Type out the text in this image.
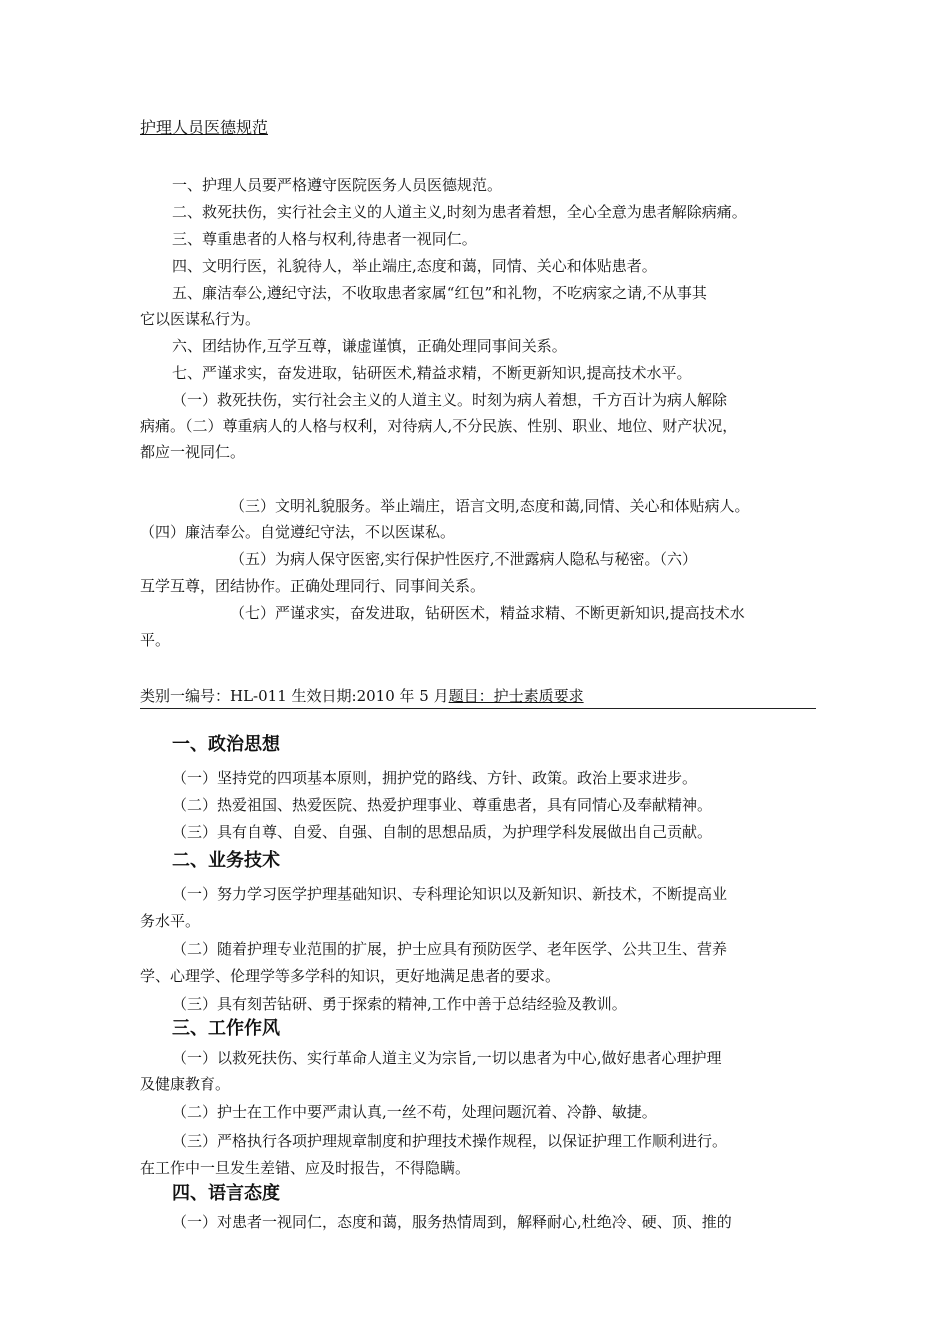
护理人员医德规范
一、护理人员要严格遵守医院医务人员医德规范。
二、救死扶伤，实行社会主义的人道主义,时刻为患者着想，全心全意为患者解除病痛。
三、尊重患者的人格与权利,待患者一视同仁。
四、文明行医，礼貌待人，举止端庄,态度和蔼，同情、关心和体贴患者。
五、廉洁奉公,遵纪守法，不收取患者家属“红包”和礼物，不吃病家之请,不从事其
它以医谋私行为。
六、团结协作,互学互尊，谦虚谨慎，正确处理同事间关系。
七、严谨求实，奋发进取，钻研医术,精益求精，不断更新知识,提高技术水平。
（一）救死扶伤，实行社会主义的人道主义。时刻为病人着想，千方百计为病人解除
病痛。（二）尊重病人的人格与权利，对待病人,不分民族、性别、职业、地位、财产状况，
都应一视同仁。
（三）文明礼貌服务。举止端庄，语言文明,态度和蔼,同情、关心和体贴病人。
（四）廉洁奉公。自觉遵纪守法，不以医谋私。
（五）为病人保守医密,实行保护性医疗,不泄露病人隐私与秘密。（六）
互学互尊，团结协作。正确处理同行、同事间关系。
（七）严谨求实，奋发进取，钻研医术，精益求精、不断更新知识,提高技术水
平。
类别一编号：HL-011 生效日期:2010 年 5 月题目：护士素质要求
一、政治思想
（一）坚持党的四项基本原则，拥护党的路线、方针、政策。政治上要求进步。
（二）热爱祖国、热爱医院、热爱护理事业、尊重患者，具有同情心及奉献精神。
（三）具有自尊、自爱、自强、自制的思想品质，为护理学科发展做出自己贡献。
二、业务技术
（一）努力学习医学护理基础知识、专科理论知识以及新知识、新技术，不断提高业
务水平。
（二）随着护理专业范围的扩展，护士应具有预防医学、老年医学、公共卫生、营养
学、心理学、伦理学等多学科的知识，更好地满足患者的要求。
（三）具有刻苦钻研、勇于探索的精神,工作中善于总结经验及教训。
三、工作作风
（一）以救死扶伤、实行革命人道主义为宗旨,一切以患者为中心,做好患者心理护理
及健康教育。
（二）护士在工作中要严肃认真,一丝不苟，处理问题沉着、冷静、敏捷。
（三）严格执行各项护理规章制度和护理技术操作规程，以保证护理工作顺利进行。
在工作中一旦发生差错、应及时报告，不得隐瞒。
四、语言态度
（一）对患者一视同仁，态度和蔼，服务热情周到，解释耐心,杜绝冷、硬、顶、推的
